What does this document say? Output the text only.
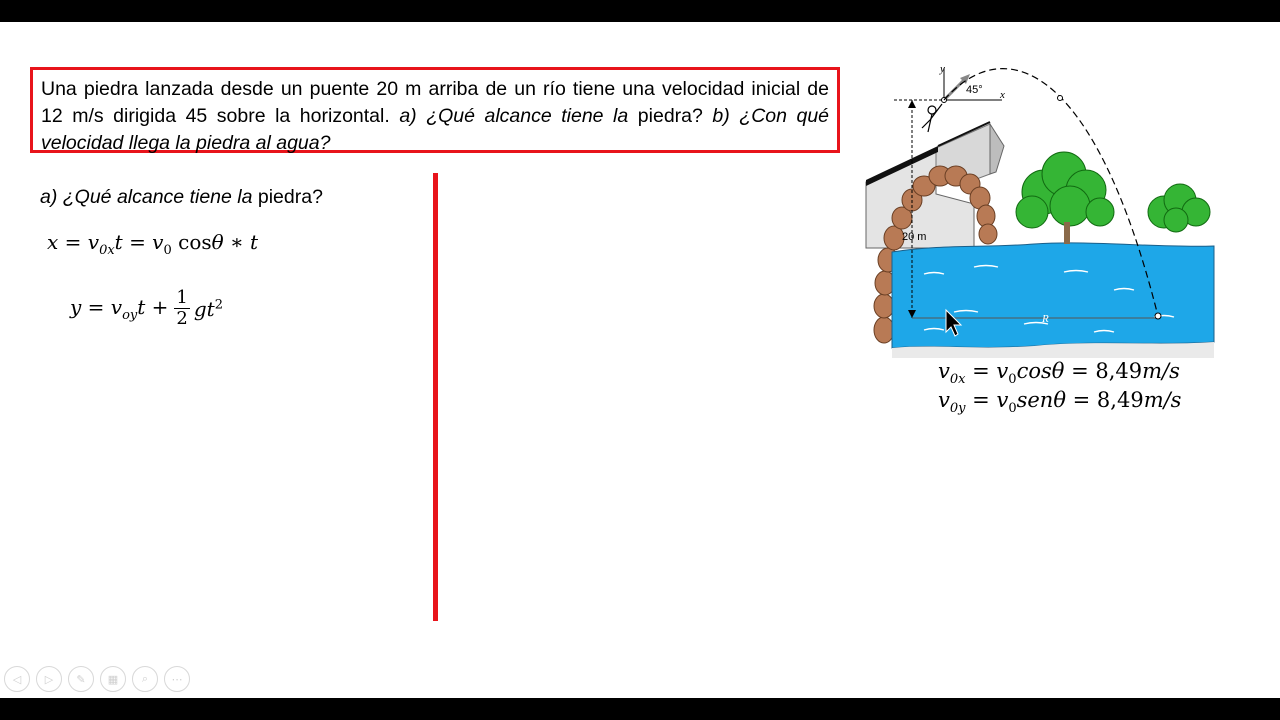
Una piedra lanzada desde un puente 20 m arriba de un río tiene una velocidad inicial de 12 m/s dirigida 45 sobre la horizontal. a) ¿Qué alcance tiene la piedra? b) ¿Con qué velocidad llega la piedra al agua?
a) ¿Qué alcance tiene la piedra?
$x = v_{0x}t = v_0$ cosθ ∗ t
$y = v_{oy}t + \frac{1}{2} gt^2$
20 m
y
x
45°
R
$v_{0x} = v_0\cos\theta = 8,49m/s$
$v_{0y} = v_0sen\theta = 8,49m/s$
◁	▷	✎	▦	⌕	⋯
